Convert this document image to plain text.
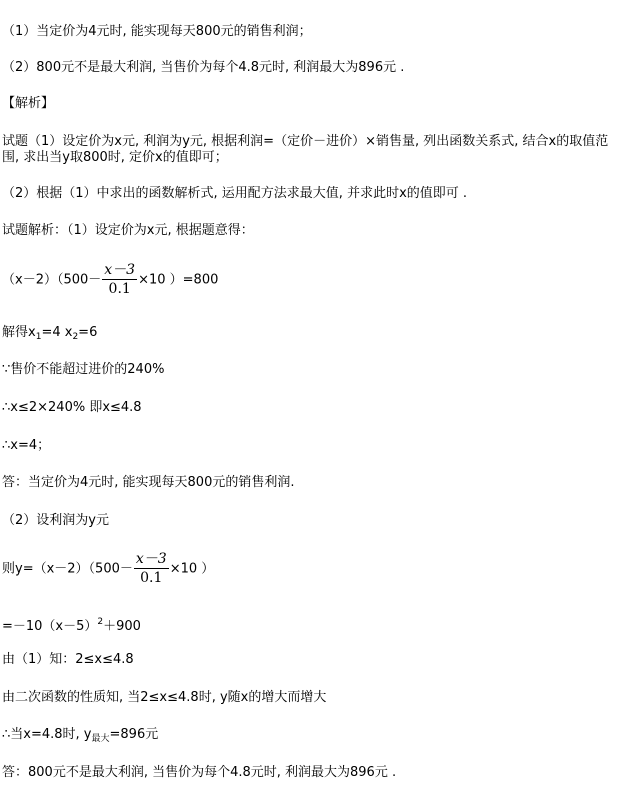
（1）当定价为4元时, 能实现每天800元的销售利润；
（2）800元不是最大利润, 当售价为每个4.8元时, 利润最大为896元 .
【解析】
试题（1）设定价为x元, 利润为y元, 根据利润=（定价－进价）×销售量, 列出函数关系式, 结合x的取值范围, 求出当y取800时, 定价x的值即可；
（2）根据（1）中求出的函数解析式, 运用配方法求最大值, 并求此时x的值即可 .
试题解析：（1）设定价为x元, 根据题意得：
$(x-2)(500- \frac{x-3}{0.1} \times 10$ ）=800
解得$x_1=4$ $x_2=6$
∵售价不能超过进价的240%
∴x≤2×240% 即x≤4.8
∴x=4；
答：当定价为4元时, 能实现每天800元的销售利润.
（2）设利润为y元
则$y=(x-2)(500- \frac{x-3}{0.1} \times 10$ ）
$=-10(x-5)^2+900$
由（1）知：2≤x≤4.8
由二次函数的性质知, 当2≤x≤4.8时, y随x的增大而增大
∴当x=4.8时, $y_{最大}=896$元
答：800元不是最大利润, 当售价为每个4.8元时, 利润最大为896元 .
